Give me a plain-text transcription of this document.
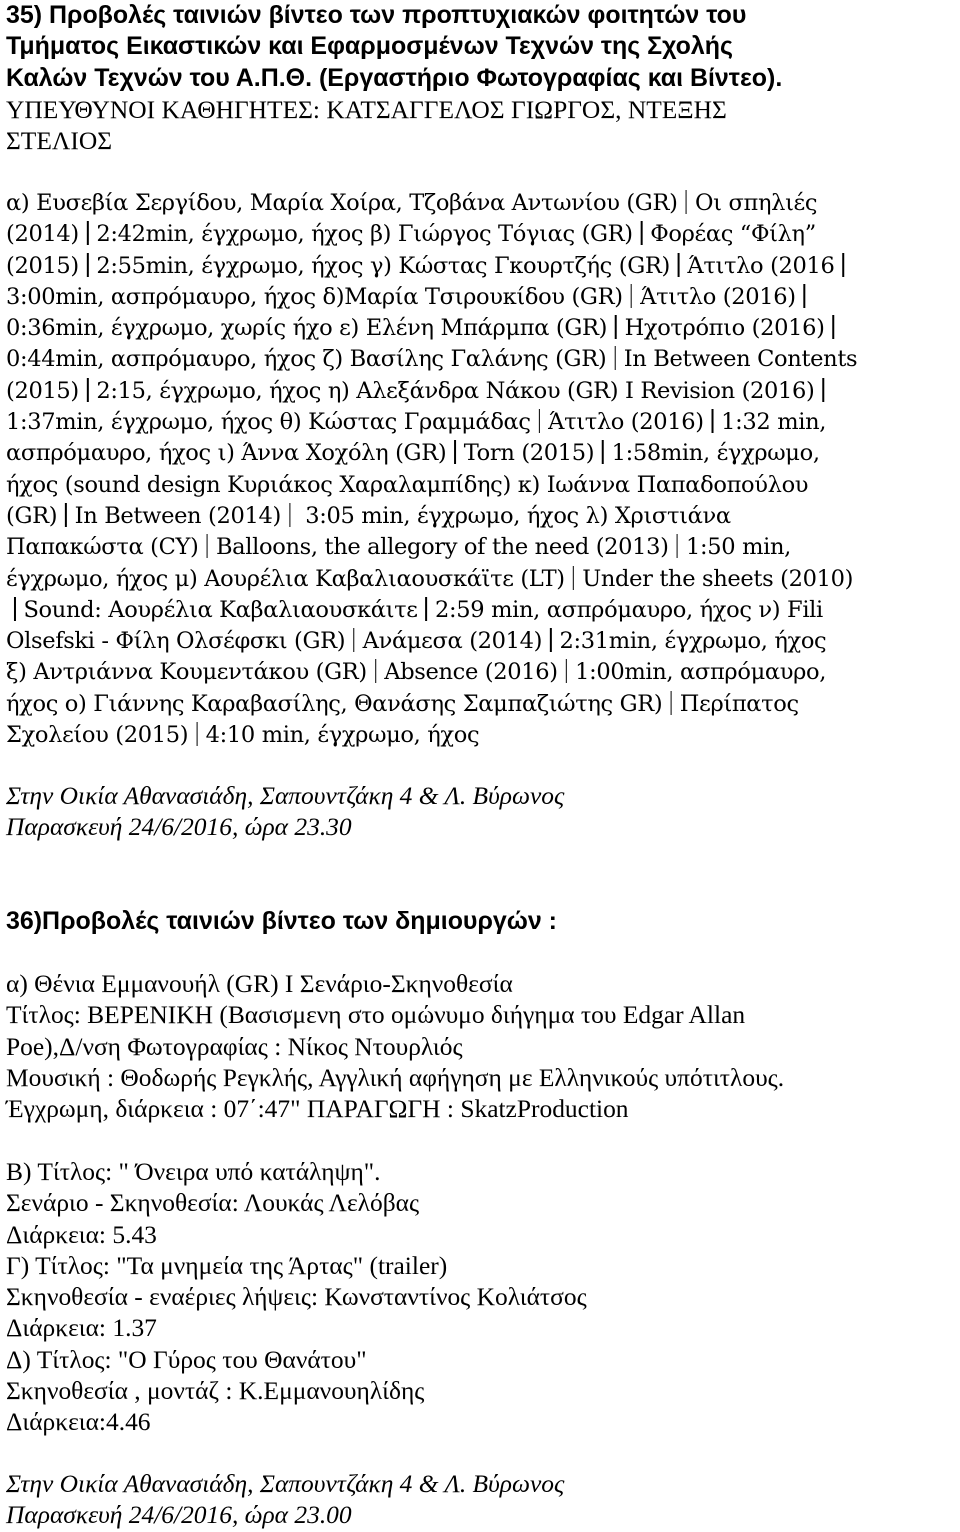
35) Προβολές ταινιών βίντεο των προπτυχιακών φοιτητών του
Τμήματος Εικαστικών και Εφαρμοσμένων Τεχνών της Σχολής
Καλών Τεχνών του Α.Π.Θ. (Εργαστήριο Φωτογραφίας και Βίντεο).
ΥΠΕΥΘΥΝΟΙ ΚΑΘΗΓΗΤΕΣ: ΚΑΤΣΑΓΓΕΛΟΣ ΓΙΩΡΓΟΣ, ΝΤΕΞΗΣ
ΣΤΕΛΙΟΣ
α) Ευσεβία Σεργίδου, Μαρία Χοίρα, Τζοβάνα Αντωνίου (GR) Οι σπηλιές
(2014) 2:42min, έγχρωμο, ήχος β) Γιώργος Τόγιας (GR) Φορέας “Φίλη”
(2015) 2:55min, έγχρωμο, ήχος γ) Κώστας Γκουρτζής (GR) Άτιτλο (2016
3:00min, ασπρόμαυρο, ήχος δ)Μαρία Τσιρουκίδου (GR) Άτιτλο (2016)
0:36min, έγχρωμο, χωρίς ήχο ε) Ελένη Μπάρμπα (GR) Ηχοτρόπιο (2016)
0:44min, ασπρόμαυρο, ήχος ζ) Βασίλης Γαλάνης (GR) In Between Contents
(2015) 2:15, έγχρωμο, ήχος η) Αλεξάνδρα Νάκου (GR) I Revision (2016)
1:37min, έγχρωμο, ήχος θ) Κώστας Γραμμάδας Άτιτλο (2016) 1:32 min,
ασπρόμαυρο, ήχος ι) Άννα Χοχόλη (GR) Torn (2015) 1:58min, έγχρωμο,
ήχος (sound design Κυριάκος Χαραλαμπίδης) κ) Ιωάννα Παπαδοπούλου
(GR) In Between (2014) 3:05 min, έγχρωμο, ήχος λ) Χριστιάνα
Παπακώστα (CY) Balloons, the allegory of the need (2013) 1:50 min,
έγχρωμο, ήχος μ) Αουρέλια Καβαλιαουσκάϊτε (LT) Under the sheets (2010)
Sound: Αουρέλια Καβαλιαουσκάιτε 2:59 min, ασπρόμαυρο, ήχος ν) Fili
Olsefski - Φίλη Ολσέφσκι (GR) Ανάμεσα (2014) 2:31min, έγχρωμο, ήχος
ξ) Αντριάννα Κουμεντάκου (GR) Absence (2016) 1:00min, ασπρόμαυρο,
ήχος ο) Γιάννης Καραβασίλης, Θανάσης Σαμπαζιώτης GR) Περίπατος
Σχολείου (2015) 4:10 min, έγχρωμο, ήχος
Στην Οικία Αθανασιάδη, Σαπουντζάκη 4 & Λ. Βύρωνος
Παρασκευή 24/6/2016, ώρα 23.30
36)Προβολές ταινιών βίντεο των δημιουργών :
α) Θένια Εμμανουήλ (GR) I Σενάριο-Σκηνοθεσία
Τίτλος: ΒΕΡΕΝΙΚΗ (Βασισμενη στο ομώνυμο διήγημα του Edgar Allan
Poe),Δ/νση Φωτογραφίας : Νίκος Ντουρλιός
Μουσική : Θοδωρής Ρεγκλής, Αγγλική αφήγηση με Ελληνικούς υπότιτλους.
Έγχρωμη, διάρκεια : 07΄:47" ΠΑΡΑΓΩΓΗ : SkatzProduction
Β) Τίτλος: " Όνειρα υπό κατάληψη".
Σενάριο - Σκηνοθεσία: Λουκάς Λελόβας
Διάρκεια: 5.43
Γ) Τίτλος: "Τα μνημεία της Άρτας" (trailer)
Σκηνοθεσία - εναέριες λήψεις: Κωνσταντίνος Κολιάτσος
Διάρκεια: 1.37
Δ) Τίτλος: "Ο Γύρος του Θανάτου"
Σκηνοθεσία , μοντάζ : Κ.Εμμανουηλίδης
Διάρκεια:4.46
Στην Οικία Αθανασιάδη, Σαπουντζάκη 4 & Λ. Βύρωνος
Παρασκευή 24/6/2016, ώρα 23.00
